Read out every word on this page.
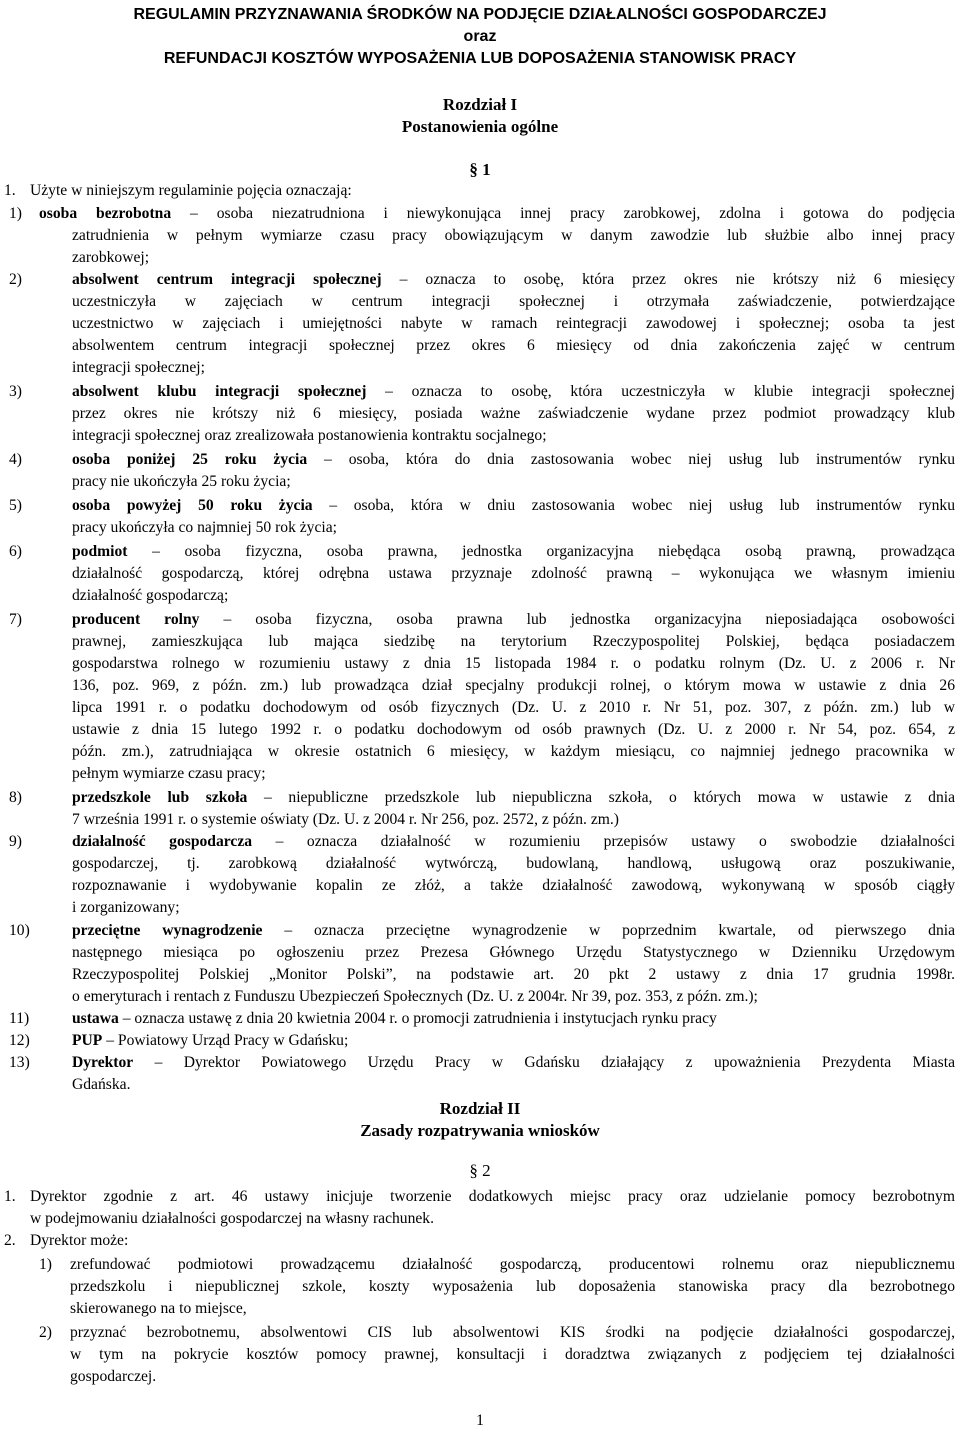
REGULAMIN PRZYZNAWANIA ŚRODKÓW NA PODJĘCIE DZIAŁALNOŚCI GOSPODARCZEJ
oraz
REFUNDACJI KOSZTÓW WYPOSAŻENIA LUB DOPOSAŻENIA STANOWISK PRACY
Rozdział I
Postanowienia ogólne
§ 1
1. Użyte w niniejszym regulaminie pojęcia oznaczają:
1) osoba bezrobotna – osoba niezatrudniona i niewykonująca innej pracy zarobkowej, zdolna i gotowa do podjęcia
zatrudnienia w pełnym wymiarze czasu pracy obowiązującym w danym zawodzie lub służbie albo innej pracy
zarobkowej;
2)	absolwent centrum integracji społecznej – oznacza to osobę, która przez okres nie krótszy niż 6 miesięcy
uczestniczyła w zajęciach w centrum integracji społecznej i otrzymała zaświadczenie, potwierdzające
uczestnictwo w zajęciach i umiejętności nabyte w ramach reintegracji zawodowej i społecznej; osoba ta jest
absolwentem centrum integracji społecznej przez okres 6 miesięcy od dnia zakończenia zajęć w centrum
integracji społecznej;
3)	absolwent klubu integracji społecznej – oznacza to osobę, która uczestniczyła w klubie integracji społecznej
przez okres nie krótszy niż 6 miesięcy, posiada ważne zaświadczenie wydane przez podmiot prowadzący klub
integracji społecznej oraz zrealizowała postanowienia kontraktu socjalnego;
4)	osoba poniżej 25 roku życia – osoba, która do dnia zastosowania wobec niej usług lub instrumentów rynku
pracy nie ukończyła 25 roku życia;
5)	osoba powyżej 50 roku życia – osoba, która w dniu zastosowania wobec niej usług lub instrumentów rynku
pracy ukończyła co najmniej 50 rok życia;
6)	podmiot – osoba fizyczna, osoba prawna, jednostka organizacyjna niebędąca osobą prawną, prowadząca
działalność gospodarczą, której odrębna ustawa przyznaje zdolność prawną – wykonująca we własnym imieniu
działalność gospodarczą;
7)	producent rolny – osoba fizyczna, osoba prawna lub jednostka organizacyjna nieposiadająca osobowości
prawnej, zamieszkująca lub mająca siedzibę na terytorium Rzeczypospolitej Polskiej, będąca posiadaczem
gospodarstwa rolnego w rozumieniu ustawy z dnia 15 listopada 1984 r. o podatku rolnym (Dz. U. z 2006 r. Nr
136, poz. 969, z późn. zm.) lub prowadząca dział specjalny produkcji rolnej, o którym mowa w ustawie z dnia 26
lipca 1991 r. o podatku dochodowym od osób fizycznych (Dz. U. z 2010 r. Nr 51, poz. 307, z późn. zm.) lub w
ustawie z dnia 15 lutego 1992 r. o podatku dochodowym od osób prawnych (Dz. U. z 2000 r. Nr 54, poz. 654, z
późn. zm.), zatrudniająca w okresie ostatnich 6 miesięcy, w każdym miesiącu, co najmniej jednego pracownika w
pełnym wymiarze czasu pracy;
8)	przedszkole lub szkoła – niepubliczne przedszkole lub niepubliczna szkoła, o których mowa w ustawie z dnia
7 września 1991 r. o systemie oświaty (Dz. U. z 2004 r. Nr 256, poz. 2572, z późn. zm.)
9)	działalność gospodarcza – oznacza działalność w rozumieniu przepisów ustawy o swobodzie działalności
gospodarczej, tj. zarobkową działalność wytwórczą, budowlaną, handlową, usługową oraz poszukiwanie,
rozpoznawanie i wydobywanie kopalin ze złóż, a także działalność zawodową, wykonywaną w sposób ciągły
i zorganizowany;
10)	przeciętne wynagrodzenie – oznacza przeciętne wynagrodzenie w poprzednim kwartale, od pierwszego dnia
następnego miesiąca po ogłoszeniu przez Prezesa Głównego Urzędu Statystycznego w Dzienniku Urzędowym
Rzeczypospolitej Polskiej „Monitor Polski”, na podstawie art. 20 pkt 2 ustawy z dnia 17 grudnia 1998r.
o emeryturach i rentach z Funduszu Ubezpieczeń Społecznych (Dz. U. z 2004r. Nr 39, poz. 353, z późn. zm.);
11)	ustawa – oznacza ustawę z dnia 20 kwietnia 2004 r. o promocji zatrudnienia i instytucjach rynku pracy
12)	PUP – Powiatowy Urząd Pracy w Gdańsku;
13)	Dyrektor – Dyrektor Powiatowego Urzędu Pracy w Gdańsku działający z upoważnienia Prezydenta Miasta
Gdańska.
Rozdział II
Zasady rozpatrywania wniosków
§ 2
1. Dyrektor zgodnie z art. 46 ustawy inicjuje tworzenie dodatkowych miejsc pracy oraz udzielanie pomocy bezrobotnym
w podejmowaniu działalności gospodarczej na własny rachunek.
2. Dyrektor może:
1) zrefundować podmiotowi prowadzącemu działalność gospodarczą, producentowi rolnemu oraz niepublicznemu
przedszkolu i niepublicznej szkole, koszty wyposażenia lub doposażenia stanowiska pracy dla bezrobotnego
skierowanego na to miejsce,
2) przyznać bezrobotnemu, absolwentowi CIS lub absolwentowi KIS środki na podjęcie działalności gospodarczej,
w tym na pokrycie kosztów pomocy prawnej, konsultacji i doradztwa związanych z podjęciem tej działalności
gospodarczej.
1
